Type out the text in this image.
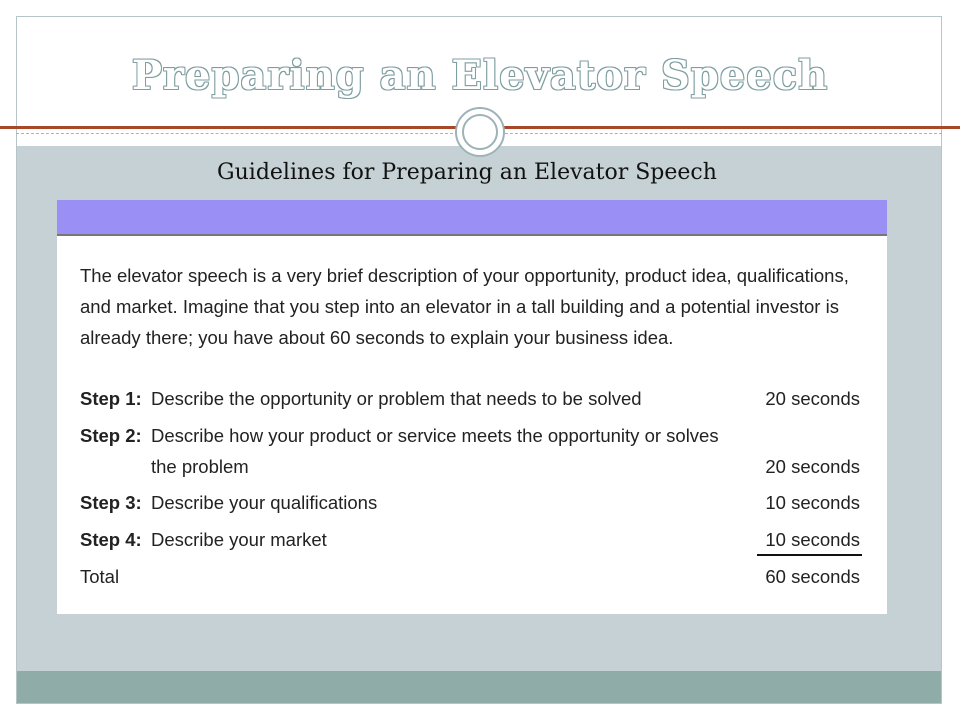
Preparing an Elevator Speech
Guidelines for Preparing an Elevator Speech
The elevator speech is a very brief description of your opportunity, product idea, qualifications, and market. Imagine that you step into an elevator in a tall building and a potential investor is already there; you have about 60 seconds to explain your business idea.
Step 1: Describe the opportunity or problem that needs to be solved	20 seconds
Step 2: Describe how your product or service meets the opportunity or solves the problem	20 seconds
Step 3: Describe your qualifications	10 seconds
Step 4: Describe your market	10 seconds
Total	60 seconds
